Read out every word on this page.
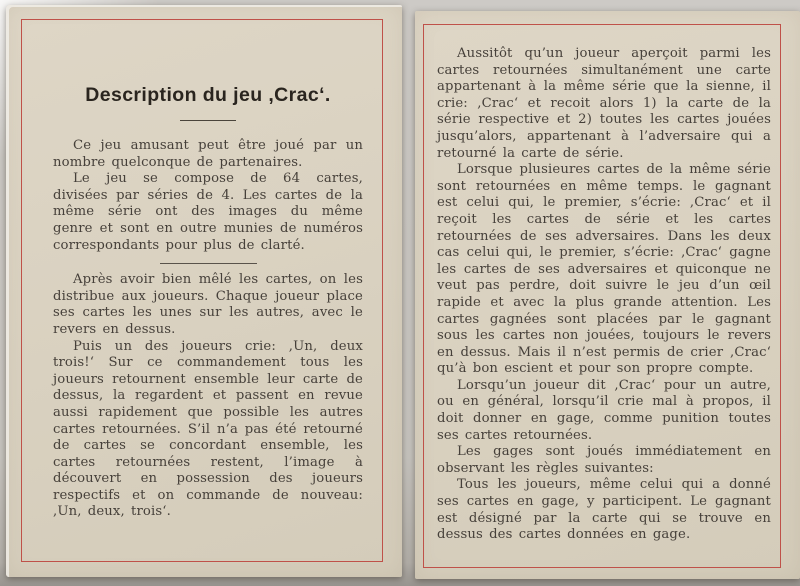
Description du jeu ,Crac‘.

Ce jeu amusant peut être joué par un nombre quelconque de partenaires.

Le jeu se compose de 64 cartes, divisées par séries de 4. Les cartes de la même série ont des images du même genre et sont en outre munies de numéros correspondants pour plus de clarté.

Après avoir bien mêlé les cartes, on les distribue aux joueurs. Chaque joueur place ses cartes les unes sur les autres, avec le revers en dessus.

Puis un des joueurs crie: ,Un, deux trois!‘ Sur ce commandement tous les joueurs retournent ensemble leur carte de dessus, la regardent et passent en revue aussi rapidement que possible les autres cartes retournées. S’il n’a pas été retourné de cartes se concordant ensemble, les cartes retournées restent, l’image à découvert en possession des joueurs respectifs et on commande de nouveau: ,Un, deux, trois‘.

Aussitôt qu’un joueur aperçoit parmi les cartes retournées simultanément une carte appartenant à la même série que la sienne, il crie: ,Crac‘ et recoit alors 1) la carte de la série respective et 2) toutes les cartes jouées jusqu’alors, appartenant à l’adversaire qui a retourné la carte de série.

Lorsque plusieures cartes de la même série sont retournées en même temps. le gagnant est celui qui, le premier, s’écrie: ,Crac‘ et il reçoit les cartes de série et les cartes retournées de ses adversaires. Dans les deux cas celui qui, le premier, s’écrie: ,Crac‘ gagne les cartes de ses adversaires et quiconque ne veut pas perdre, doit suivre le jeu d’un œil rapide et avec la plus grande attention. Les cartes gagnées sont placées par le gagnant sous les cartes non jouées, toujours le revers en dessus. Mais il n’est permis de crier ,Crac‘ qu’à bon escient et pour son propre compte.

Lorsqu’un joueur dit ,Crac‘ pour un autre, ou en général, lorsqu’il crie mal à propos, il doit donner en gage, comme punition toutes ses cartes retournées.

Les gages sont joués immédiatement en observant les règles suivantes:

Tous les joueurs, même celui qui a donné ses cartes en gage, y participent. Le gagnant est désigné par la carte qui se trouve en dessus des cartes données en gage.
